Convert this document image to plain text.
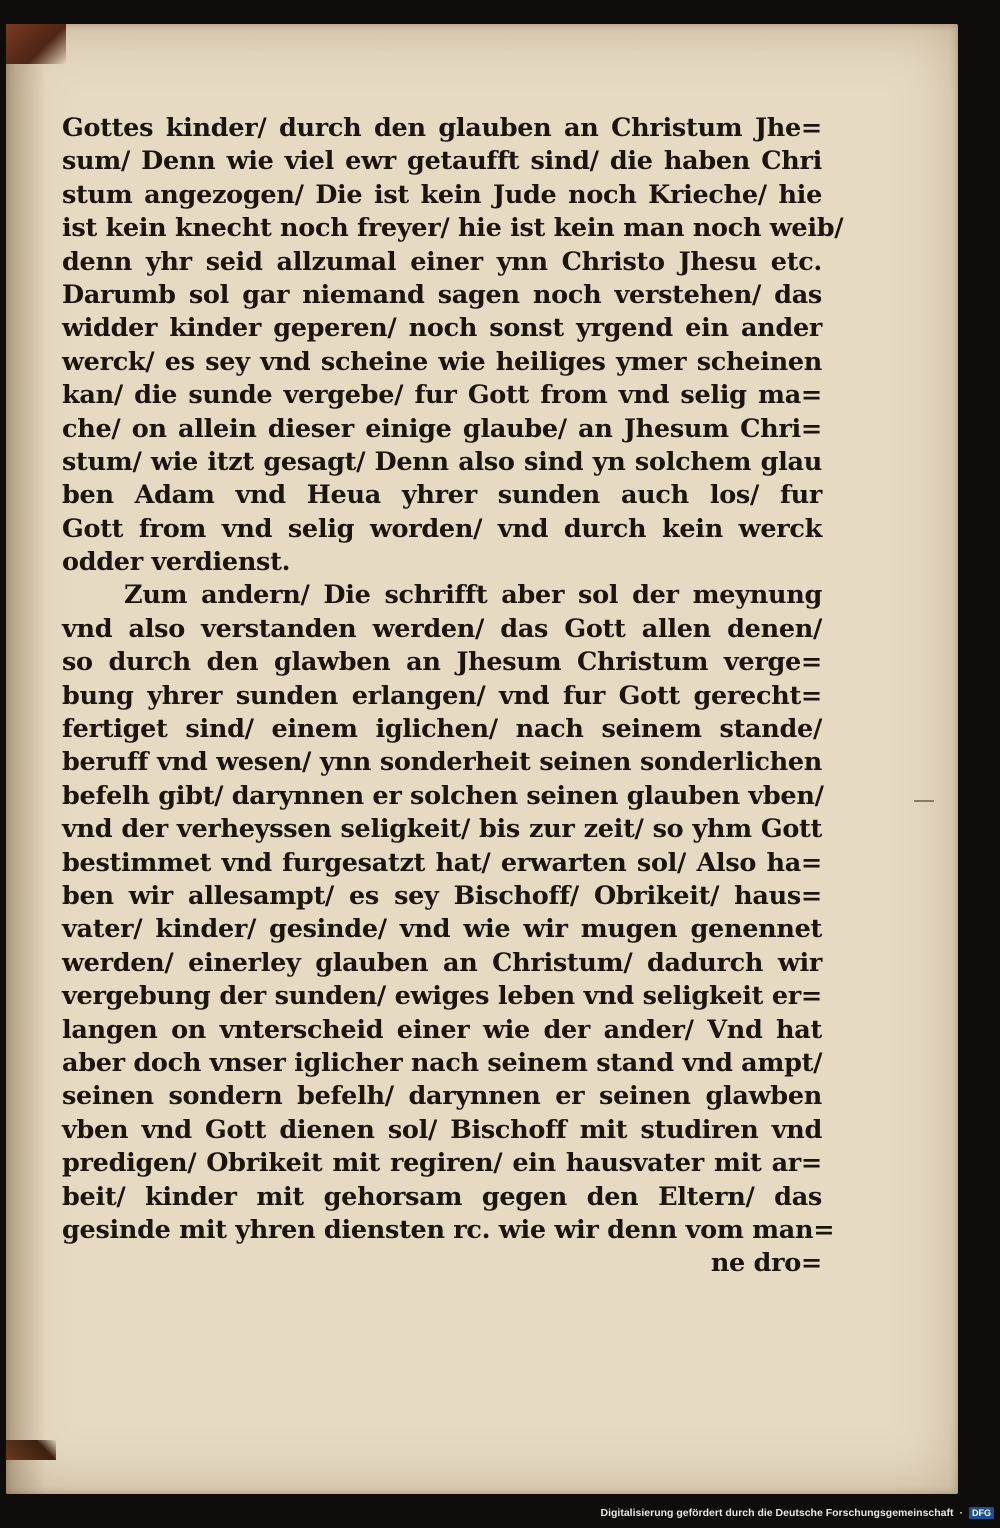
Gottes kinder/ durch den glauben an Christum Jhe=
sum/ Denn wie viel ewr getaufft sind/ die haben Chri
stum angezogen/ Die ist kein Jude noch Krieche/ hie
ist kein knecht noch freyer/ hie ist kein man noch weib/
denn yhr seid allzumal einer ynn Christo Jhesu etc.
Darumb sol gar niemand sagen noch verstehen/ das
widder kinder geperen/ noch sonst yrgend ein ander
werck/ es sey vnd scheine wie heiliges ymer scheinen
kan/ die sunde vergebe/ fur Gott from vnd selig ma=
che/ on allein dieser einige glaube/ an Jhesum Chri=
stum/ wie itzt gesagt/ Denn also sind yn solchem glau
ben Adam vnd Heua yhrer sunden auch los/ fur
Gott from vnd selig worden/ vnd durch kein werck
odder verdienst.
Zum andern/ Die schrifft aber sol der meynung
vnd also verstanden werden/ das Gott allen denen/
so durch den glawben an Jhesum Christum verge=
bung yhrer sunden erlangen/ vnd fur Gott gerecht=
fertiget sind/ einem iglichen/ nach seinem stande/
beruff vnd wesen/ ynn sonderheit seinen sonderlichen
befelh gibt/ darynnen er solchen seinen glauben vben/
vnd der verheyssen seligkeit/ bis zur zeit/ so yhm Gott
bestimmet vnd furgesatzt hat/ erwarten sol/ Also ha=
ben wir allesampt/ es sey Bischoff/ Obrikeit/ haus=
vater/ kinder/ gesinde/ vnd wie wir mugen genennet
werden/ einerley glauben an Christum/ dadurch wir
vergebung der sunden/ ewiges leben vnd seligkeit er=
langen on vnterscheid einer wie der ander/ Vnd hat
aber doch vnser iglicher nach seinem stand vnd ampt/
seinen sondern befelh/ darynnen er seinen glawben
vben vnd Gott dienen sol/ Bischoff mit studiren vnd
predigen/ Obrikeit mit regiren/ ein hausvater mit ar=
beit/ kinder mit gehorsam gegen den Eltern/ das
gesinde mit yhren diensten rc. wie wir denn vom man=
ne dro=
Digitalisierung gefördert durch die Deutsche Forschungsgemeinschaft ·	DFG
